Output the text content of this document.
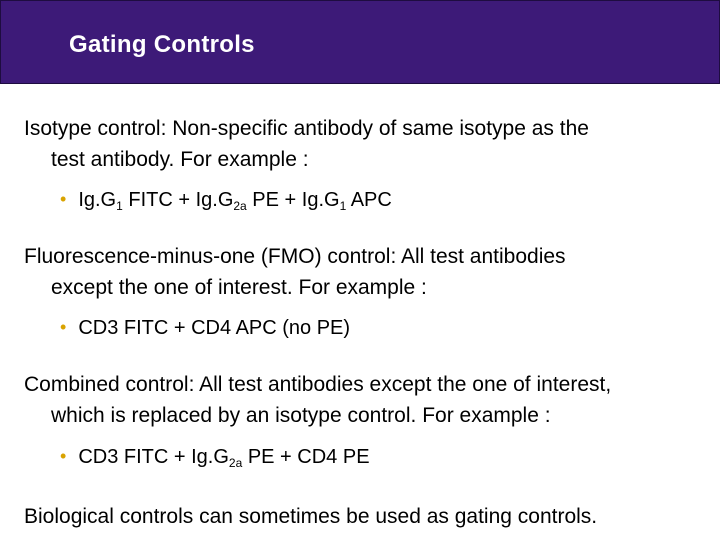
Gating Controls
Isotype control: Non-specific antibody of same isotype as the
test antibody. For example :
• $Ig.G_1$ FITC + $Ig.G_{2a}$ PE + $Ig.G_1$ APC
Fluorescence-minus-one (FMO) control: All test antibodies
except the one of interest. For example :
• CD3 FITC + CD4 APC (no PE)
Combined control: All test antibodies except the one of interest,
which is replaced by an isotype control. For example :
• CD3 FITC + $Ig.G_{2a}$ PE + CD4 PE
Biological controls can sometimes be used as gating controls.
